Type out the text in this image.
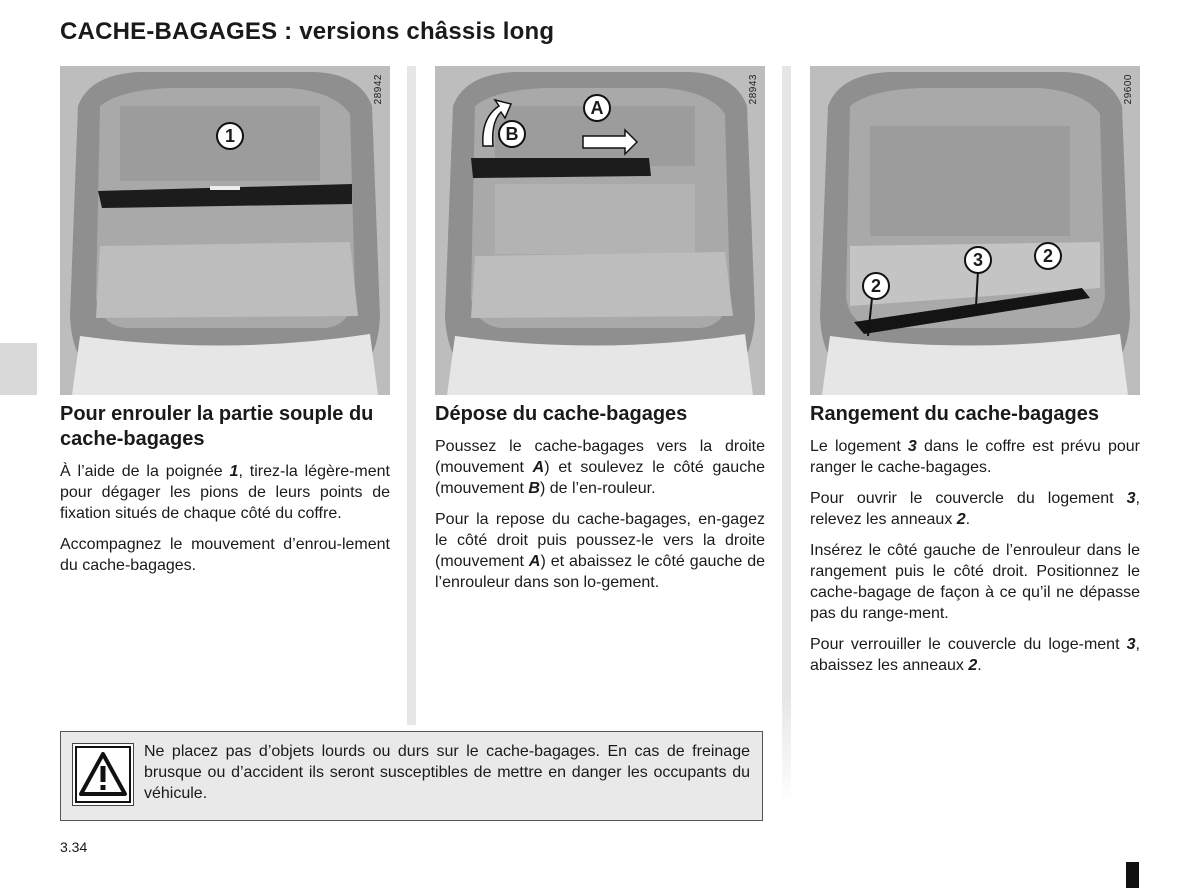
CACHE-BAGAGES : versions châssis long
28942
1
28943
A
B
29600
2
3	2
Pour enrouler la partie souple du cache-bagages

À l’aide de la poignée 1, tirez-la légère-ment pour dégager les pions de leurs points de fixation situés de chaque côté du coffre.

Accompagnez le mouvement d’enrou-lement du cache-bagages.

Dépose du cache-bagages

Poussez le cache-bagages vers la droite (mouvement A) et soulevez le côté gauche (mouvement B) de l’en-rouleur.

Pour la repose du cache-bagages, en-gagez le côté droit puis poussez-le vers la droite (mouvement A) et abaissez le côté gauche de l’enrouleur dans son lo-gement.

Rangement du cache-bagages

Le logement 3 dans le coffre est prévu pour ranger le cache-bagages.

Pour ouvrir le couvercle du logement 3, relevez les anneaux 2.

Insérez le côté gauche de l’enrouleur dans le rangement puis le côté droit. Positionnez le cache-bagage de façon à ce qu’il ne dépasse pas du range-ment.

Pour verrouiller le couvercle du loge-ment 3, abaissez les anneaux 2.

Ne placez pas d’objets lourds ou durs sur le cache-bagages. En cas de freinage brusque ou d’accident ils seront susceptibles de mettre en danger les occupants du véhicule.
3.34
